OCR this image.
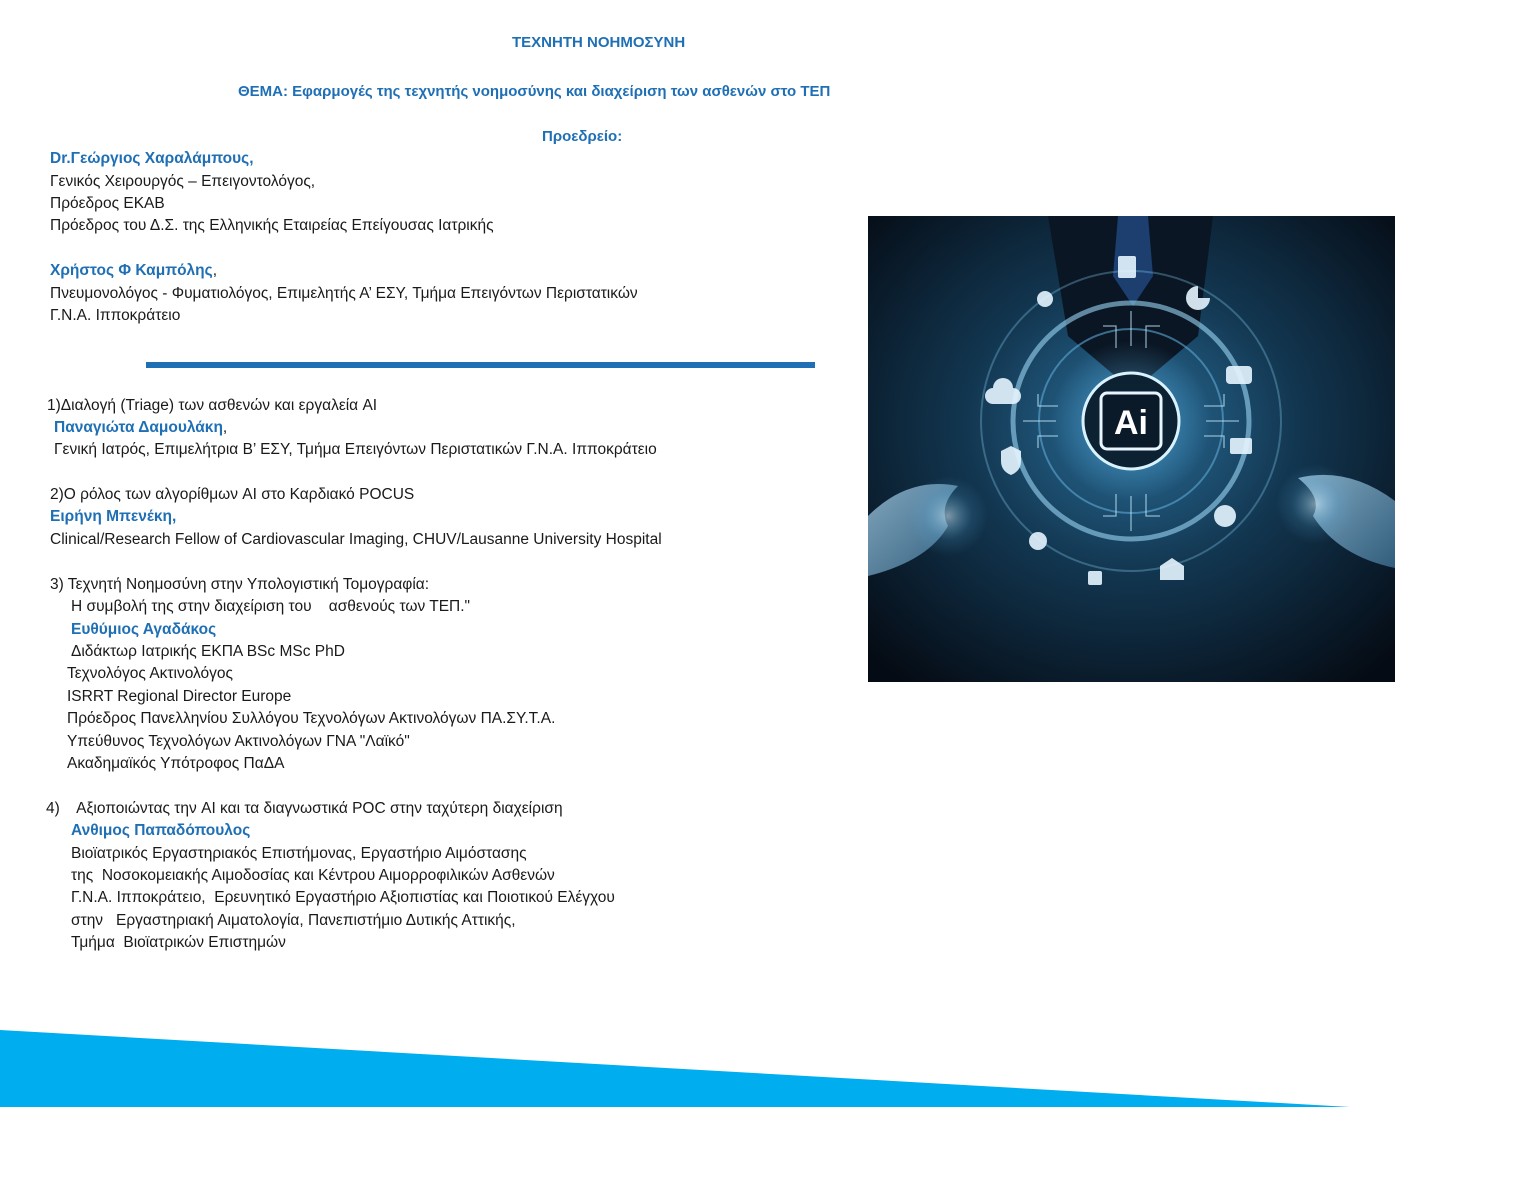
ΤΕΧΝΗΤΗ ΝΟΗΜΟΣΥΝΗ
ΘΕΜΑ: Εφαρμογές της τεχνητής νοημοσύνης και διαχείριση των ασθενών στο ΤΕΠ
Προεδρείο:
Dr.Γεώργιος Χαραλάμπους,
Γενικός Χειρουργός – Επειγοντολόγος,
Πρόεδρος ΕΚΑΒ
Πρόεδρος του Δ.Σ. της Ελληνικής Εταιρείας Επείγουσας Ιατρικής
Χρήστος Φ Καμπόλης,
Πνευμονολόγος - Φυματιολόγος, Επιμελητής Α’ ΕΣΥ, Τμήμα Επειγόντων Περιστατικών
Γ.Ν.Α. Ιπποκράτειο
1)Διαλογή (Triage) των ασθενών και εργαλεία AI
Παναγιώτα Δαμουλάκη,
Γενική Ιατρός, Επιμελήτρια Β’ ΕΣΥ, Τμήμα Επειγόντων Περιστατικών Γ.Ν.Α. Ιπποκράτειο
2)Ο ρόλος των αλγορίθμων AI στο Καρδιακό POCUS
Ειρήνη Μπενέκη,
Clinical/Research Fellow of Cardiovascular Imaging, CHUV/Lausanne University Hospital
3) Τεχνητή Νοημοσύνη στην Υπολογιστική Τομογραφία:
Η συμβολή της στην διαχείριση του    ασθενούς των ΤΕΠ."
Ευθύμιος Αγαδάκος
Διδάκτωρ Ιατρικής ΕΚΠΑ BSc MSc PhD
Τεχνολόγος Ακτινολόγος
ISRRT Regional Director Europe
Πρόεδρος Πανελληνίου Συλλόγου Τεχνολόγων Ακτινολόγων ΠΑ.ΣΥ.Τ.Α.
Υπεύθυνος Τεχνολόγων Ακτινολόγων ΓΝΑ "Λαϊκό"
Ακαδημαϊκός Υπότροφος ΠαΔΑ
4)    Αξιοποιώντας την AI και τα διαγνωστικά POC στην ταχύτερη διαχείριση
Ανθιμος Παπαδόπουλος
Βιοϊατρικός Εργαστηριακός Επιστήμονας, Εργαστήριο Αιμόστασης
της  Νοσοκομειακής Αιμοδοσίας και Κέντρου Αιμορροφιλικών Ασθενών
Γ.Ν.Α. Ιπποκράτειο,  Ερευνητικό Εργαστήριο Αξιοπιστίας και Ποιοτικού Ελέγχου
στην   Εργαστηριακή Αιματολογία, Πανεπιστήμιο Δυτικής Αττικής,
Τμήμα  Βιοϊατρικών Επιστημών
Ai
